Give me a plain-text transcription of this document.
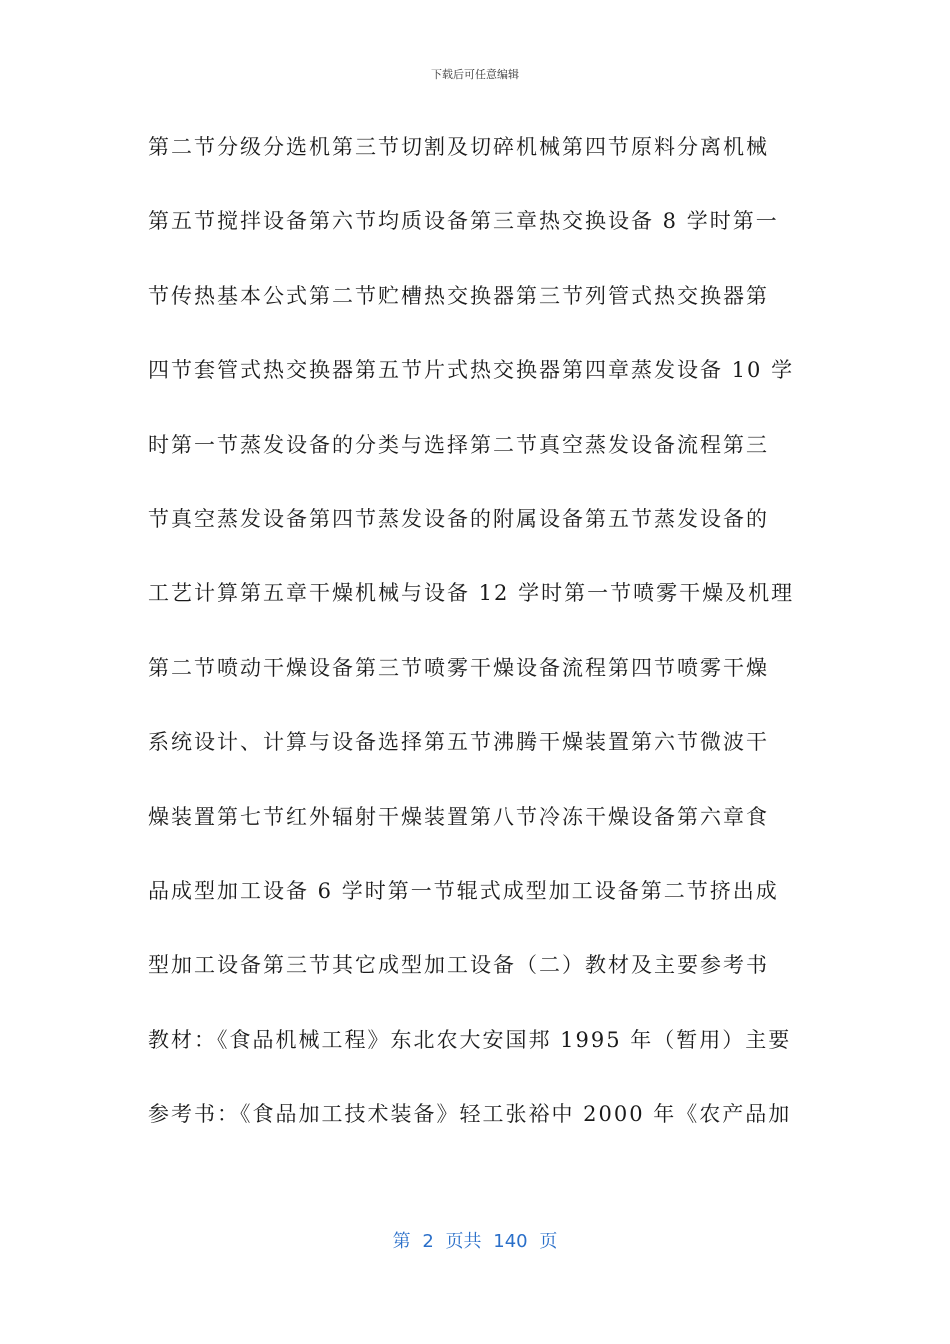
下载后可任意编辑
第二节分级分选机第三节切割及切碎机械第四节原料分离机械
第五节搅拌设备第六节均质设备第三章热交换设备 8 学时第一
节传热基本公式第二节贮槽热交换器第三节列管式热交换器第
四节套管式热交换器第五节片式热交换器第四章蒸发设备 10 学
时第一节蒸发设备的分类与选择第二节真空蒸发设备流程第三
节真空蒸发设备第四节蒸发设备的附属设备第五节蒸发设备的
工艺计算第五章干燥机械与设备 12 学时第一节喷雾干燥及机理
第二节喷动干燥设备第三节喷雾干燥设备流程第四节喷雾干燥
系统设计、计算与设备选择第五节沸腾干燥装置第六节微波干
燥装置第七节红外辐射干燥装置第八节冷冻干燥设备第六章食
品成型加工设备 6 学时第一节辊式成型加工设备第二节挤出成
型加工设备第三节其它成型加工设备（二）教材及主要参考书
教材：《食品机械工程》东北农大安国邦 1995 年（暂用）主要
参考书：《食品加工技术装备》轻工张裕中 2000 年《农产品加
第 2 页共 140 页
